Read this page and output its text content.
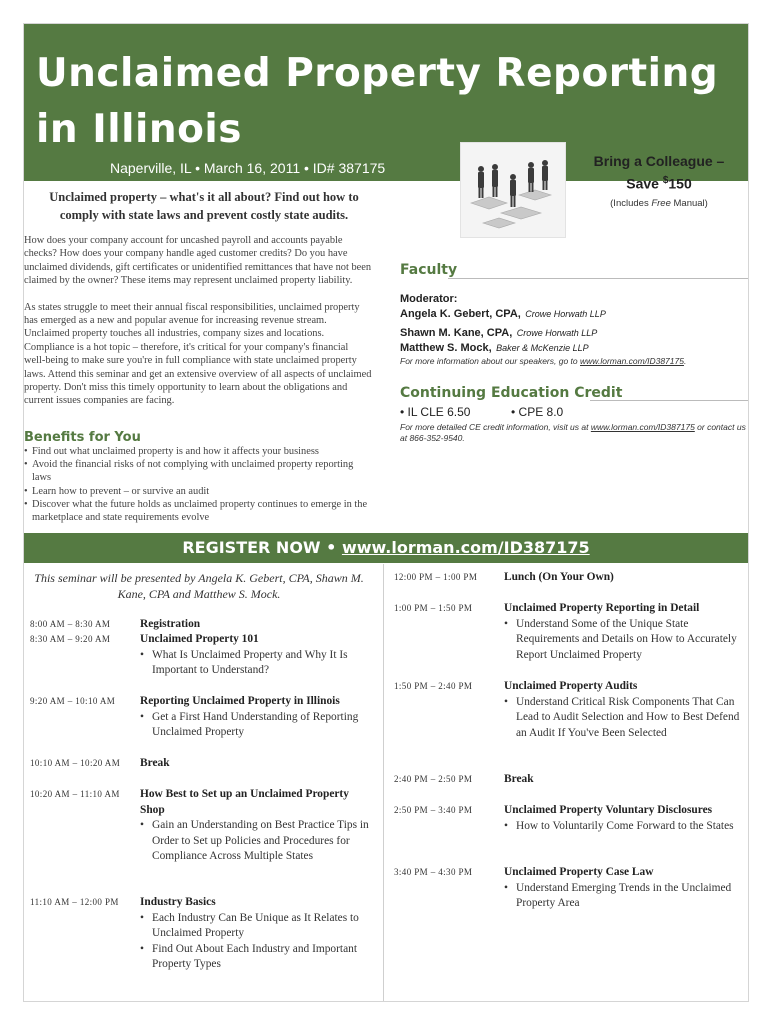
Unclaimed Property Reporting
in Illinois
Naperville, IL • March 16, 2011 • ID# 387175	Bring a Colleague –
Save $150
(Includes Free Manual)
Unclaimed property – what's it all about? Find out how to comply with state laws and prevent costly state audits.

How does your company account for uncashed payroll and accounts payable checks? How does your company handle aged customer credits? Do you have unclaimed dividends, gift certificates or unidentified remittances that have not been claimed by the owner? These items may represent unclaimed property liability.

As states struggle to meet their annual fiscal responsibilities, unclaimed property has emerged as a new and popular avenue for increasing revenue stream. Unclaimed property touches all industries, company sizes and locations. Compliance is a hot topic – therefore, it's critical for your company's financial well-being to make sure you're in full compliance with state unclaimed property laws. Attend this seminar and get an extensive overview of all aspects of unclaimed property. Don't miss this timely opportunity to learn about the obligations and current issues companies are facing.

Benefits for You
• Find out what unclaimed property is and how it affects your business
• Avoid the financial risks of not complying with unclaimed property reporting laws
• Learn how to prevent – or survive an audit
• Discover what the future holds as unclaimed property continues to emerge in the marketplace and state requirements evolve
Faculty
Moderator:
Angela K. Gebert, CPA, Crowe Horwath LLP
Shawn M. Kane, CPA, Crowe Horwath LLP
Matthew S. Mock, Baker & McKenzie LLP
For more information about our speakers, go to www.lorman.com/ID387175.
Continuing Education Credit
• IL CLE 6.50	• CPE 8.0
For more detailed CE credit information, visit us at www.lorman.com/ID387175 or contact us at 866-352-9540.
REGISTER NOW • www.lorman.com/ID387175
This seminar will be presented by Angela K. Gebert, CPA, Shawn M. Kane, CPA and Matthew S. Mock.
8:00 AM – 8:30 AM	Registration
8:30 AM – 9:20 AM	Unclaimed Property 101
• What Is Unclaimed Property and Why It Is Important to Understand?
9:20 AM – 10:10 AM Reporting Unclaimed Property in Illinois
• Get a First Hand Understanding of Reporting Unclaimed Property
10:10 AM – 10:20 AM Break
10:20 AM – 11:10 AM How Best to Set up an Unclaimed Property Shop
• Gain an Understanding on Best Practice Tips in Order to Set up Policies and Procedures for Compliance Across Multiple States
11:10 AM – 12:00 PM Industry Basics
• Each Industry Can Be Unique as It Relates to Unclaimed Property
• Find Out About Each Industry and Important Property Types
12:00 PM – 1:00 PM Lunch (On Your Own)
1:00 PM – 1:50 PM	Unclaimed Property Reporting in Detail
• Understand Some of the Unique State Requirements and Details on How to Accurately Report Unclaimed Property
1:50 PM – 2:40 PM	Unclaimed Property Audits
• Understand Critical Risk Components That Can Lead to Audit Selection and How to Best Defend an Audit If You've Been Selected
2:40 PM – 2:50 PM	Break
2:50 PM – 3:40 PM	Unclaimed Property Voluntary Disclosures
• How to Voluntarily Come Forward to the States
3:40 PM – 4:30 PM	Unclaimed Property Case Law
• Understand Emerging Trends in the Unclaimed Property Area
